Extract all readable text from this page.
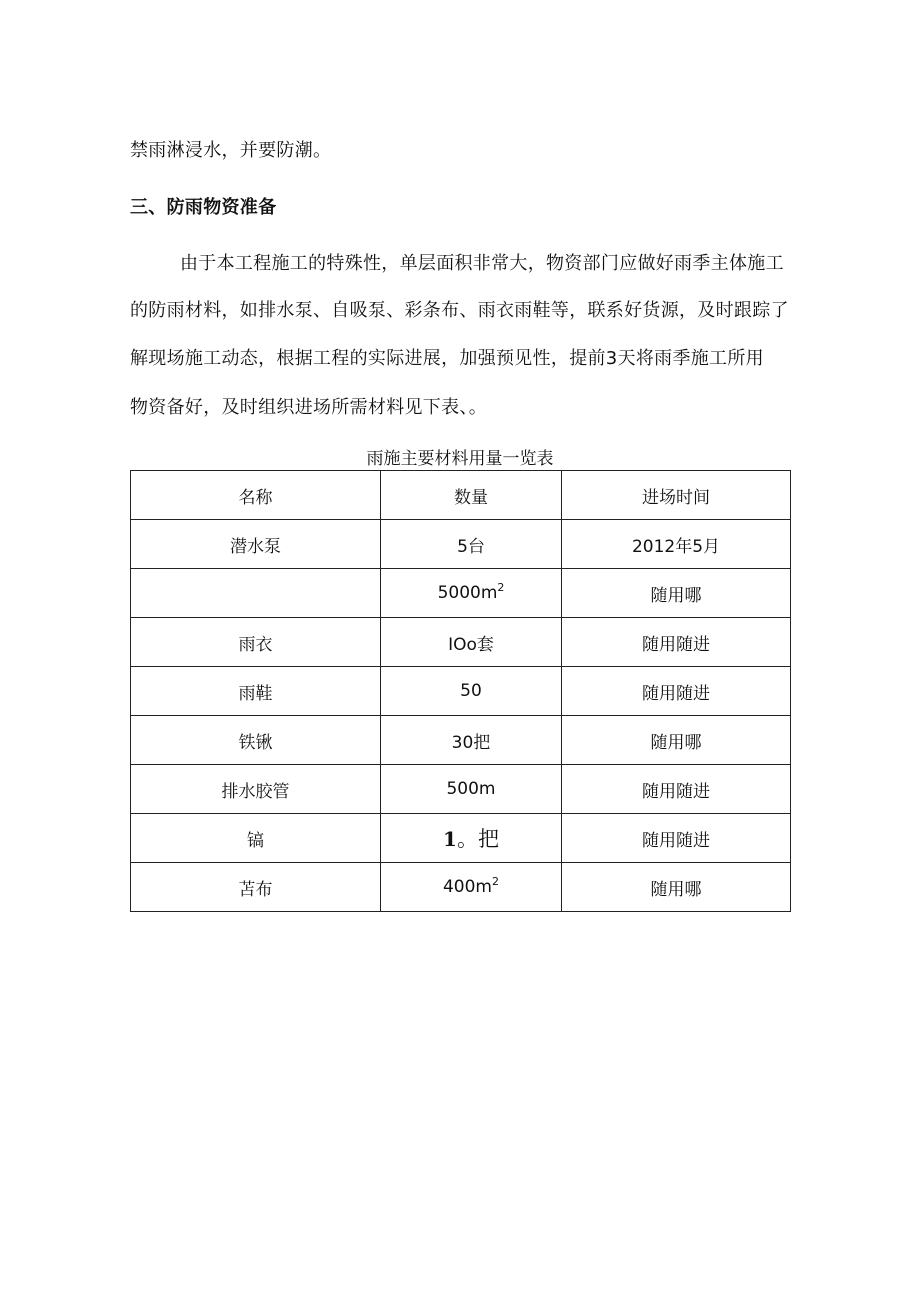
禁雨淋浸水，并要防潮。
三、防雨物资准备
由于本工程施工的特殊性，单层面积非常大，物资部门应做好雨季主体施工
的防雨材料，如排水泵、自吸泵、彩条布、雨衣雨鞋等，联系好货源，及时跟踪了
解现场施工动态，根据工程的实际进展，加强预见性，提前3天将雨季施工所用
物资备好，及时组织进场所需材料见下表、。
雨施主要材料用量一览表
名称	数量	进场时间
潜水泵	5台	2012年5月
	$5000m^2$	随用哪
雨衣	IOo套	随用随进
雨鞋	50	随用随进
铁锹	30把	随用哪
排水胶管	500m	随用随进
镐	1。把	随用随进
苫布	$400m^2$	随用哪
